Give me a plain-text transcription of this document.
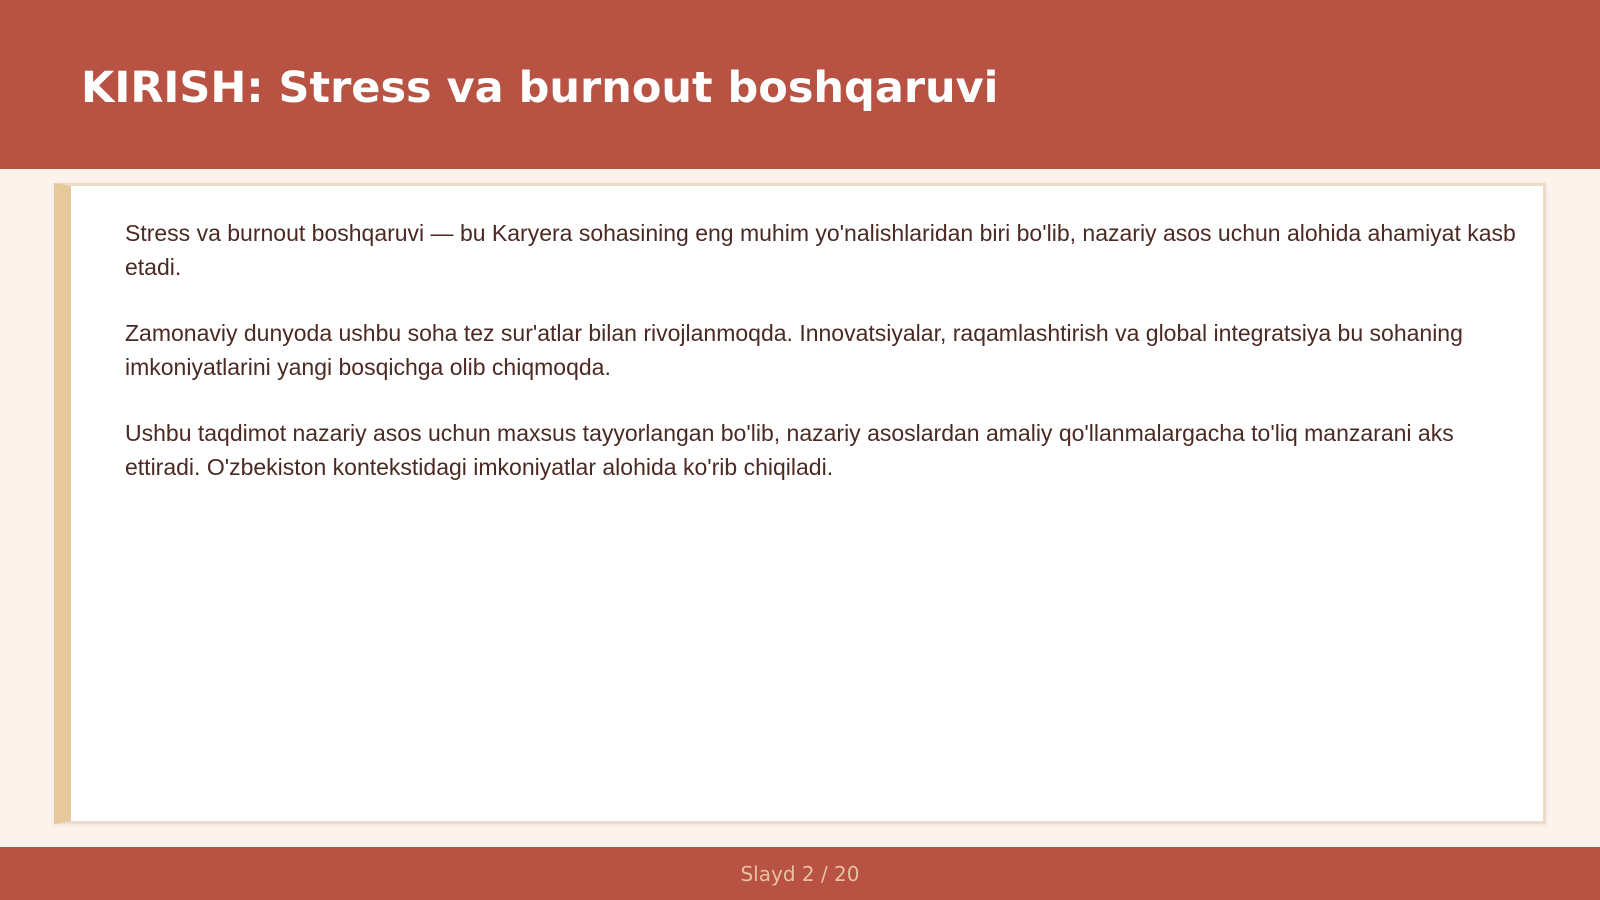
KIRISH: Stress va burnout boshqaruvi

Stress va burnout boshqaruvi — bu Karyera sohasining eng muhim yo'nalishlaridan biri bo'lib, nazariy asos uchun alohida ahamiyat kasb etadi.

Zamonaviy dunyoda ushbu soha tez sur'atlar bilan rivojlanmoqda. Innovatsiyalar, raqamlashtirish va global integratsiya bu sohaning imkoniyatlarini yangi bosqichga olib chiqmoqda.

Ushbu taqdimot nazariy asos uchun maxsus tayyorlangan bo'lib, nazariy asoslardan amaliy qo'llanmalargacha to'liq manzarani aks ettiradi. O'zbekiston kontekstidagi imkoniyatlar alohida ko'rib chiqiladi.

Slayd 2 / 20
